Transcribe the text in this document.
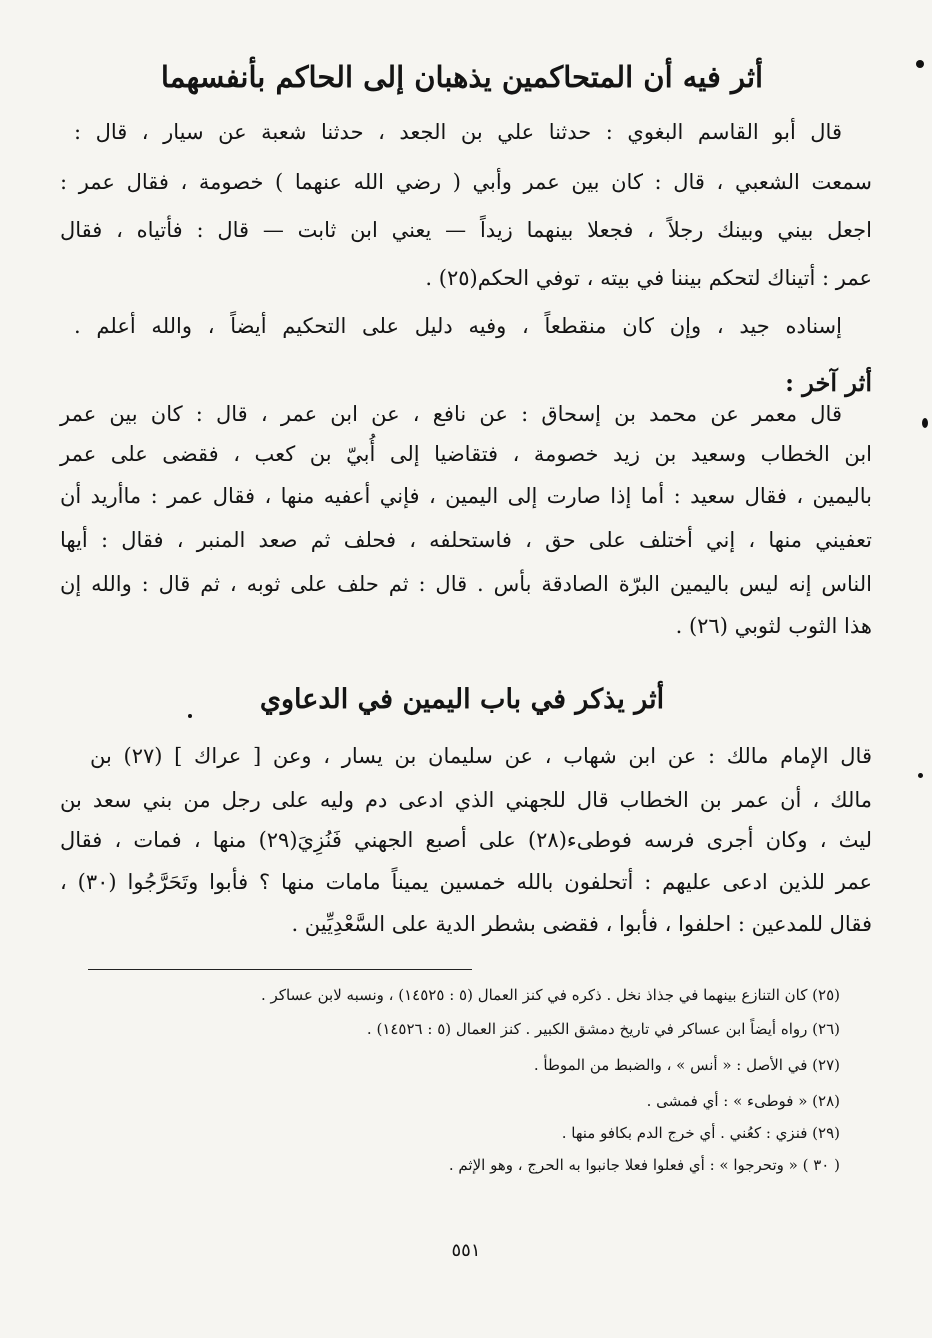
أثر فيه أن المتحاكمين يذهبان إلى الحاكم بأنفسهما
قال أبو القاسم البغوي : حدثنا علي بن الجعد ، حدثنا شعبة عن سيار ، قال :
سمعت الشعبي ، قال : كان بين عمر وأبي ( رضي الله عنهما ) خصومة ، فقال عمر :
اجعل بيني وبينك رجلاً ، فجعلا بينهما زيداً — يعني ابن ثابت — قال : فأتياه ، فقال
عمر : أتيناك لتحكم بيننا في بيته ، توفي الحكم(٢٥) .
إسناده جيد ، وإن كان منقطعاً ، وفيه دليل على التحكيم أيضاً ، والله أعلم .
أثر آخر :
قال معمر عن محمد بن إسحاق : عن نافع ، عن ابن عمر ، قال : كان بين عمر
ابن الخطاب وسعيد بن زيد خصومة ، فتقاضيا إلى أُبيّ بن كعب ، فقضى على عمر
باليمين ، فقال سعيد : أما إذا صارت إلى اليمين ، فإني أعفيه منها ، فقال عمر : ماأريد أن
تعفيني منها ، إني أختلف على حق ، فاستحلفه ، فحلف ثم صعد المنبر ، فقال : أيها
الناس إنه ليس باليمين البرّة الصادقة بأس . قال : ثم حلف على ثوبه ، ثم قال : والله إن
هذا الثوب لثوبي (٢٦) .
أثر يذكر في باب اليمين في الدعاوي
قال الإمام مالك : عن ابن شهاب ، عن سليمان بن يسار ، وعن [ عراك ] (٢٧) بن
مالك ، أن عمر بن الخطاب قال للجهني الذي ادعى دم وليه على رجل من بني سعد بن
ليث ، وكان أجرى فرسه فوطىء(٢٨) على أصبع الجهني فَنُزِيَ(٢٩) منها ، فمات ، فقال
عمر للذين ادعى عليهم : أتحلفون بالله خمسين يميناً مامات منها ؟ فأبوا وتَحَرَّجُوا (٣٠) ،
فقال للمدعين : احلفوا ، فأبوا ، فقضى بشطر الدية على السَّعْدِيِّين .
(٢٥) كان التنازع بينهما في جذاذ نخل . ذكره في كنز العمال (٥ : ١٤٥٢٥) ، ونسبه لابن عساكر .
(٢٦) رواه أيضاً ابن عساكر في تاريخ دمشق الكبير . كنز العمال (٥ : ١٤٥٢٦) .
(٢٧) في الأصل : « أنس » ، والضبط من الموطأ .
(٢٨) « فوطىء » : أي فمشى .
(٢٩) فنزي : كعُني . أي خرج الدم بكافو منها .
( ٣٠ ) « وتحرجوا » : أي فعلوا فعلا جانبوا به الحرج ، وهو الإثم .
٥٥١
